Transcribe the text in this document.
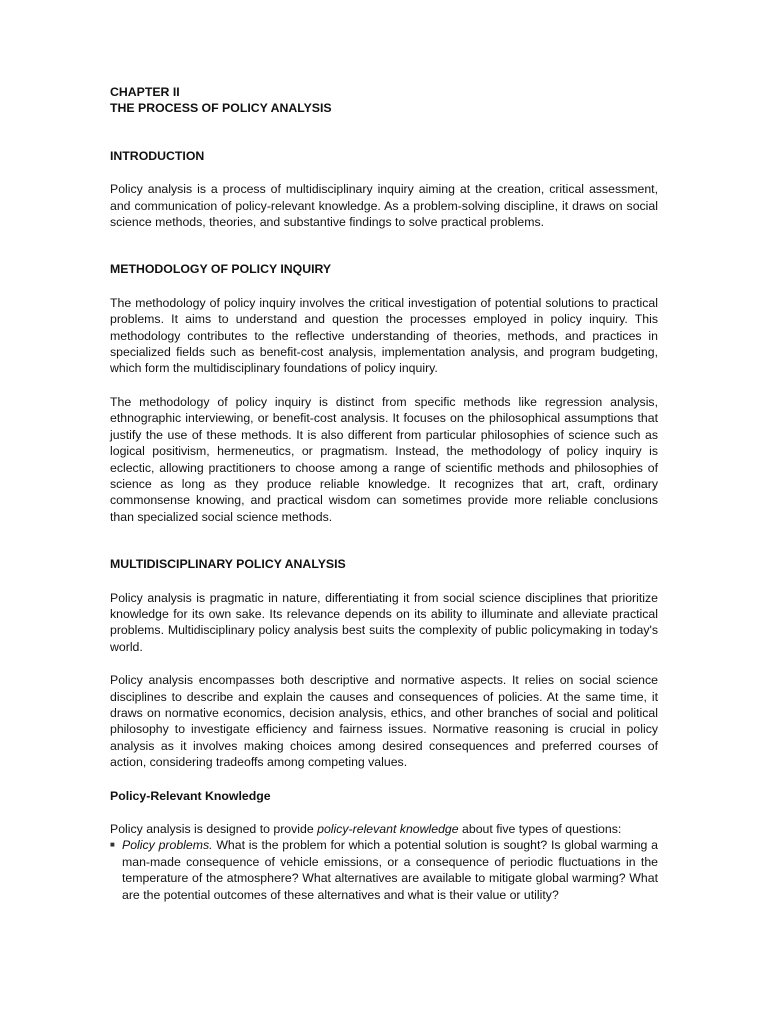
CHAPTER II

THE PROCESS OF POLICY ANALYSIS

INTRODUCTION

Policy analysis is a process of multidisciplinary inquiry aiming at the creation, critical assessment, and communication of policy-relevant knowledge. As a problem-solving discipline, it draws on social science methods, theories, and substantive findings to solve practical problems.

METHODOLOGY OF POLICY INQUIRY

The methodology of policy inquiry involves the critical investigation of potential solutions to practical problems. It aims to understand and question the processes employed in policy inquiry. This methodology contributes to the reflective understanding of theories, methods, and practices in specialized fields such as benefit-cost analysis, implementation analysis, and program budgeting, which form the multidisciplinary foundations of policy inquiry.

The methodology of policy inquiry is distinct from specific methods like regression analysis, ethnographic interviewing, or benefit-cost analysis. It focuses on the philosophical assumptions that justify the use of these methods. It is also different from particular philosophies of science such as logical positivism, hermeneutics, or pragmatism. Instead, the methodology of policy inquiry is eclectic, allowing practitioners to choose among a range of scientific methods and philosophies of science as long as they produce reliable knowledge. It recognizes that art, craft, ordinary commonsense knowing, and practical wisdom can sometimes provide more reliable conclusions than specialized social science methods.

MULTIDISCIPLINARY POLICY ANALYSIS

Policy analysis is pragmatic in nature, differentiating it from social science disciplines that prioritize knowledge for its own sake. Its relevance depends on its ability to illuminate and alleviate practical problems. Multidisciplinary policy analysis best suits the complexity of public policymaking in today's world.

Policy analysis encompasses both descriptive and normative aspects. It relies on social science disciplines to describe and explain the causes and consequences of policies. At the same time, it draws on normative economics, decision analysis, ethics, and other branches of social and political philosophy to investigate efficiency and fairness issues. Normative reasoning is crucial in policy analysis as it involves making choices among desired consequences and preferred courses of action, considering tradeoffs among competing values.

Policy-Relevant Knowledge

Policy analysis is designed to provide policy-relevant knowledge about five types of questions:

■ Policy problems. What is the problem for which a potential solution is sought? Is global warming a man-made consequence of vehicle emissions, or a consequence of periodic fluctuations in the temperature of the atmosphere? What alternatives are available to mitigate global warming? What are the potential outcomes of these alternatives and what is their value or utility?
